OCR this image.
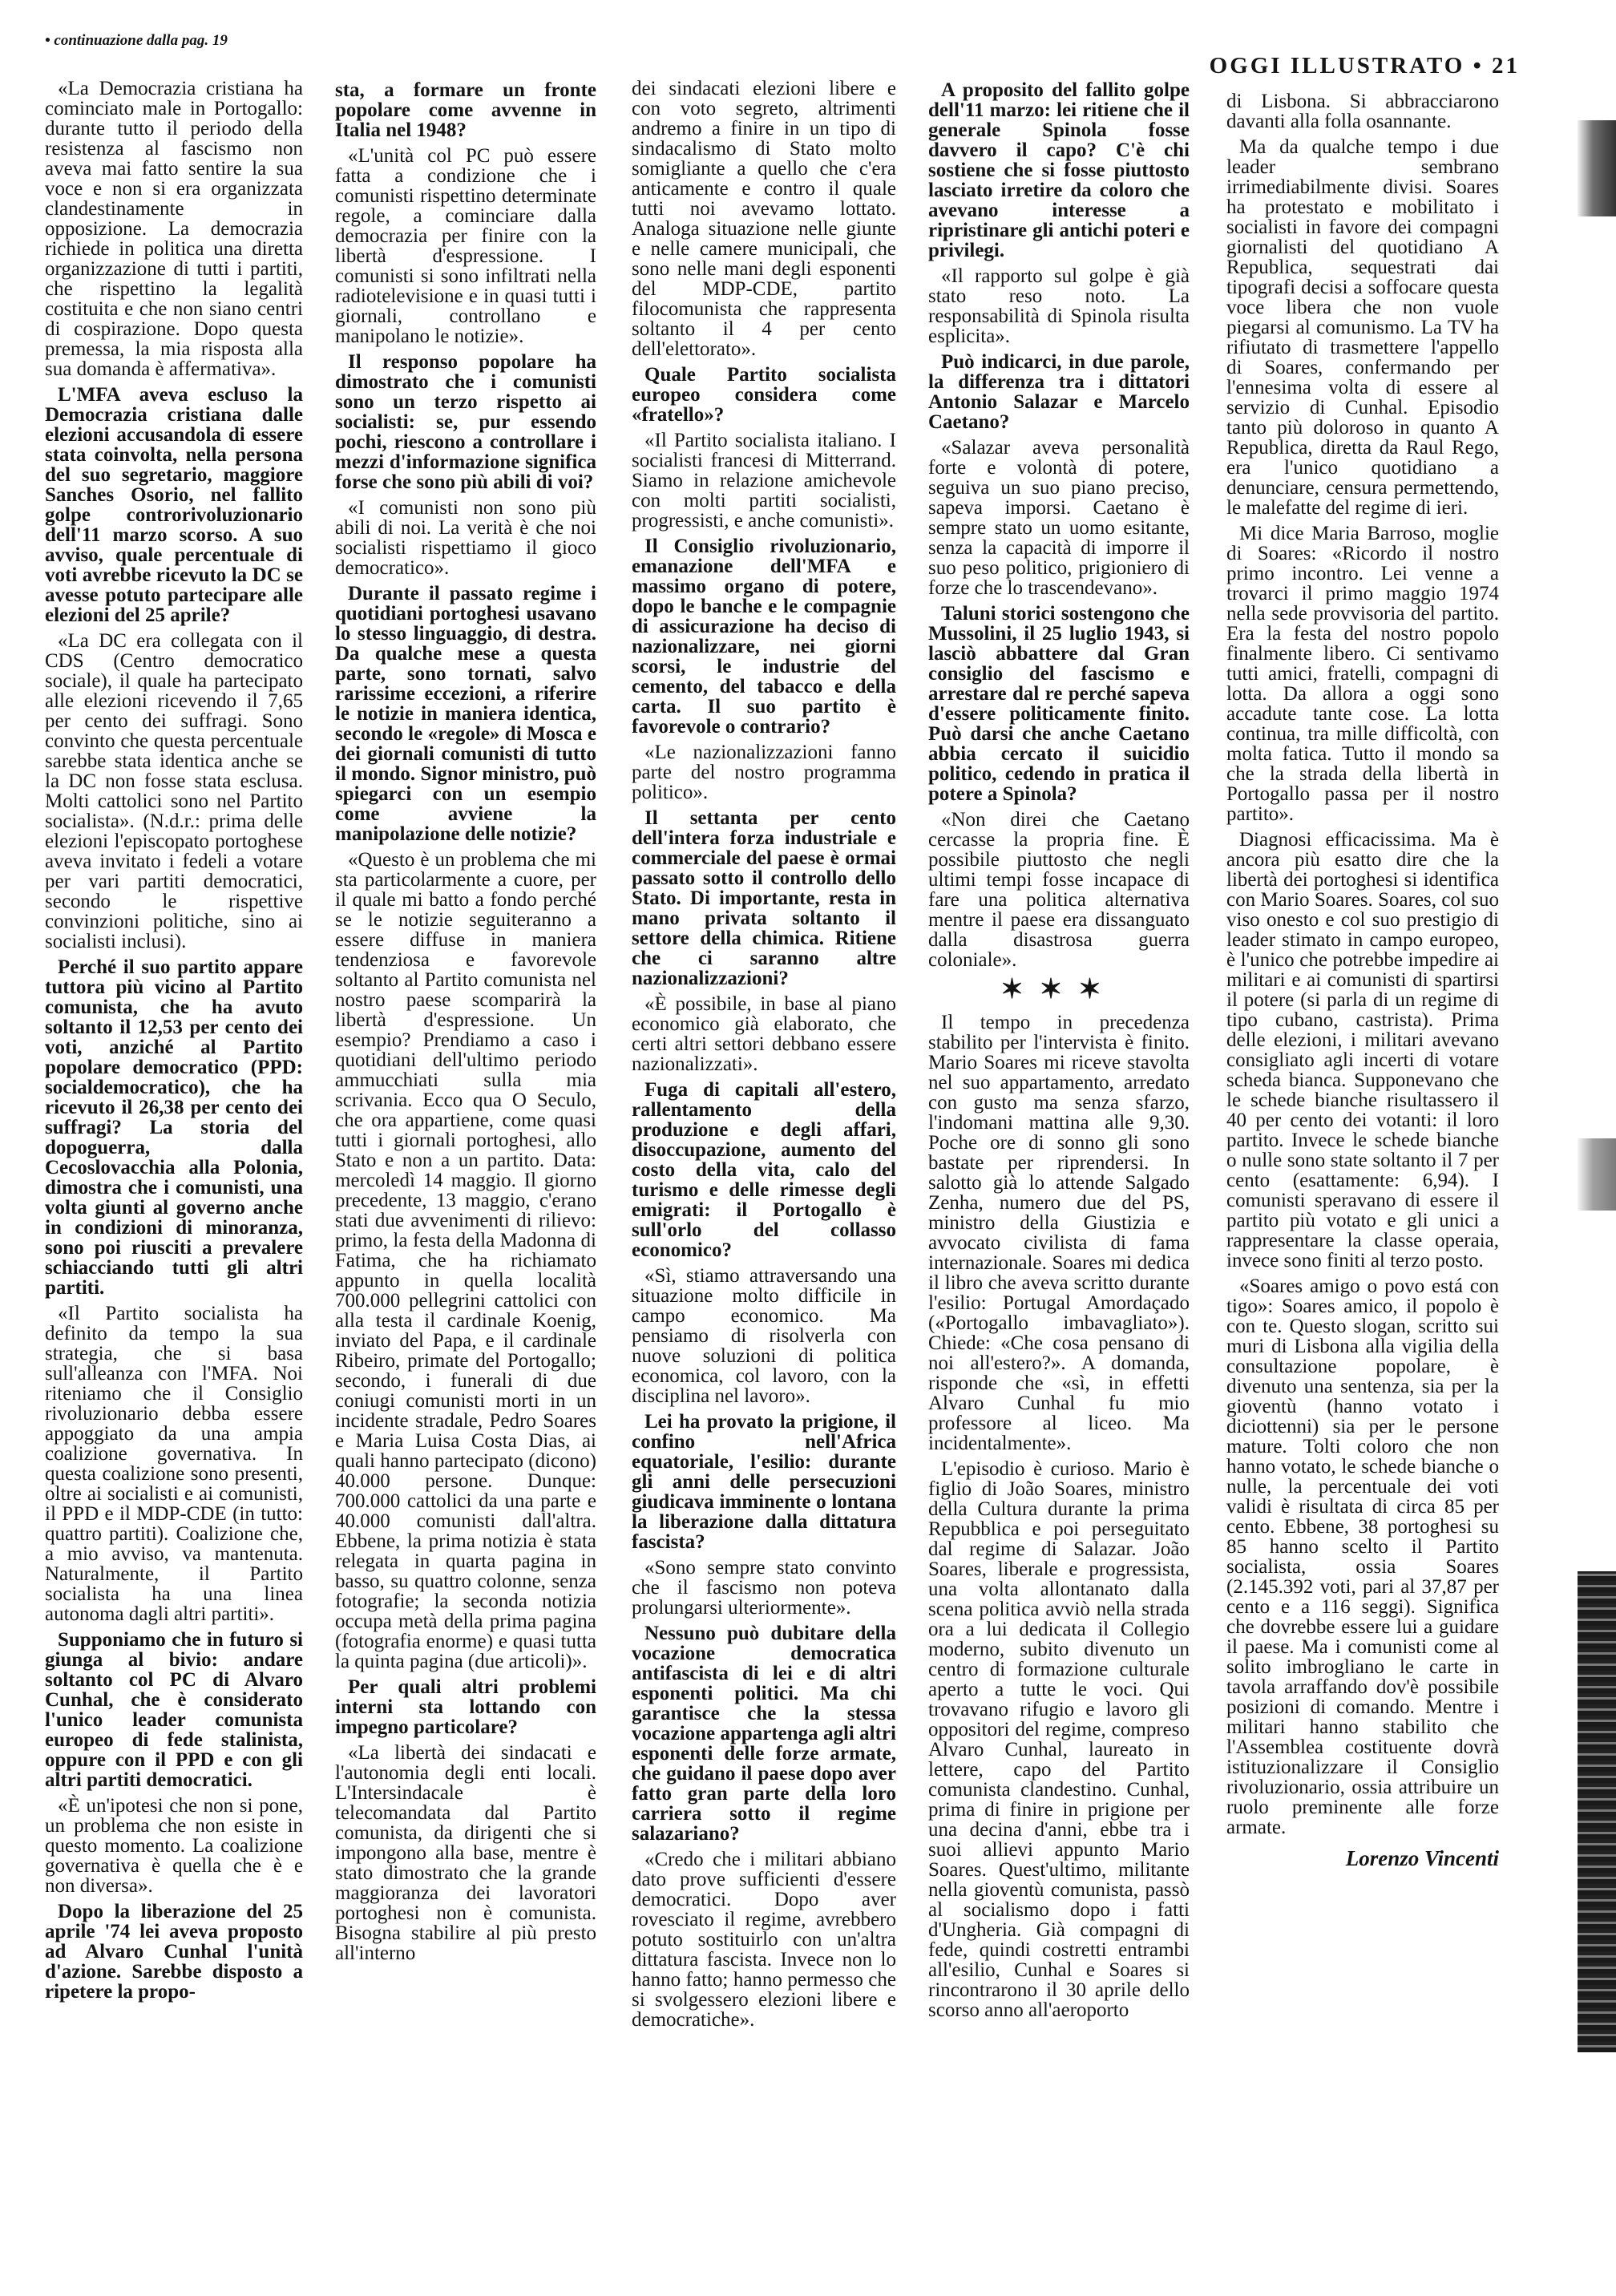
• continuazione dalla pag. 19
OGGI ILLUSTRATO • 21

«La Democrazia cristiana ha cominciato male in Portogallo: durante tutto il periodo della resistenza al fascismo non aveva mai fatto sentire la sua voce e non si era organizzata clandestinamente in opposizione. La democrazia richiede in politica una diretta organizzazione di tutti i partiti, che rispettino la legalità costituita e che non siano centri di cospirazione. Dopo questa premessa, la mia risposta alla sua domanda è affermativa».

L'MFA aveva escluso la Democrazia cristiana dalle elezioni accusandola di essere stata coinvolta, nella persona del suo segretario, maggiore Sanches Osorio, nel fallito golpe controrivoluzionario dell'11 marzo scorso. A suo avviso, quale percentuale di voti avrebbe ricevuto la DC se avesse potuto partecipare alle elezioni del 25 aprile?

«La DC era collegata con il CDS (Centro democratico sociale), il quale ha partecipato alle elezioni ricevendo il 7,65 per cento dei suffragi. Sono convinto che questa percentuale sarebbe stata identica anche se la DC non fosse stata esclusa. Molti cattolici sono nel Partito socialista». (N.d.r.: prima delle elezioni l'episcopato portoghese aveva invitato i fedeli a votare per vari partiti democratici, secondo le rispettive convinzioni politiche, sino ai socialisti inclusi).

Perché il suo partito appare tuttora più vicino al Partito comunista, che ha avuto soltanto il 12,53 per cento dei voti, anziché al Partito popolare democratico (PPD: socialdemocratico), che ha ricevuto il 26,38 per cento dei suffragi? La storia del dopoguerra, dalla Cecoslovacchia alla Polonia, dimostra che i comunisti, una volta giunti al governo anche in condizioni di minoranza, sono poi riusciti a prevalere schiacciando tutti gli altri partiti.

«Il Partito socialista ha definito da tempo la sua strategia, che si basa sull'alleanza con l'MFA. Noi riteniamo che il Consiglio rivoluzionario debba essere appoggiato da una ampia coalizione governativa. In questa coalizione sono presenti, oltre ai socialisti e ai comunisti, il PPD e il MDP-CDE (in tutto: quattro partiti). Coalizione che, a mio avviso, va mantenuta. Naturalmente, il Partito socialista ha una linea autonoma dagli altri partiti».

Supponiamo che in futuro si giunga al bivio: andare soltanto col PC di Alvaro Cunhal, che è considerato l'unico leader comunista europeo di fede stalinista, oppure con il PPD e con gli altri partiti democratici.

«È un'ipotesi che non si pone, un problema che non esiste in questo momento. La coalizione governativa è quella che è e non diversa».

Dopo la liberazione del 25 aprile '74 lei aveva proposto ad Alvaro Cunhal l'unità d'azione. Sarebbe disposto a ripetere la propo-

sta, a formare un fronte popolare come avvenne in Italia nel 1948?

«L'unità col PC può essere fatta a condizione che i comunisti rispettino determinate regole, a cominciare dalla democrazia per finire con la libertà d'espressione. I comunisti si sono infiltrati nella radiotelevisione e in quasi tutti i giornali, controllano e manipolano le notizie».

Il responso popolare ha dimostrato che i comunisti sono un terzo rispetto ai socialisti: se, pur essendo pochi, riescono a controllare i mezzi d'informazione significa forse che sono più abili di voi?

«I comunisti non sono più abili di noi. La verità è che noi socialisti rispettiamo il gioco democratico».

Durante il passato regime i quotidiani portoghesi usavano lo stesso linguaggio, di destra. Da qualche mese a questa parte, sono tornati, salvo rarissime eccezioni, a riferire le notizie in maniera identica, secondo le «regole» di Mosca e dei giornali comunisti di tutto il mondo. Signor ministro, può spiegarci con un esempio come avviene la manipolazione delle notizie?

«Questo è un problema che mi sta particolarmente a cuore, per il quale mi batto a fondo perché se le notizie seguiteranno a essere diffuse in maniera tendenziosa e favorevole soltanto al Partito comunista nel nostro paese scomparirà la libertà d'espressione. Un esempio? Prendiamo a caso i quotidiani dell'ultimo periodo ammucchiati sulla mia scrivania. Ecco qua O Seculo, che ora appartiene, come quasi tutti i giornali portoghesi, allo Stato e non a un partito. Data: mercoledì 14 maggio. Il giorno precedente, 13 maggio, c'erano stati due avvenimenti di rilievo: primo, la festa della Madonna di Fatima, che ha richiamato appunto in quella località 700.000 pellegrini cattolici con alla testa il cardinale Koenig, inviato del Papa, e il cardinale Ribeiro, primate del Portogallo; secondo, i funerali di due coniugi comunisti morti in un incidente stradale, Pedro Soares e Maria Luisa Costa Dias, ai quali hanno partecipato (dicono) 40.000 persone. Dunque: 700.000 cattolici da una parte e 40.000 comunisti dall'altra. Ebbene, la prima notizia è stata relegata in quarta pagina in basso, su quattro colonne, senza fotografie; la seconda notizia occupa metà della prima pagina (fotografia enorme) e quasi tutta la quinta pagina (due articoli)».

Per quali altri problemi interni sta lottando con impegno particolare?

«La libertà dei sindacati e l'autonomia degli enti locali. L'Intersindacale è telecomandata dal Partito comunista, da dirigenti che si impongono alla base, mentre è stato dimostrato che la grande maggioranza dei lavoratori portoghesi non è comunista. Bisogna stabilire al più presto all'interno

dei sindacati elezioni libere e con voto segreto, altrimenti andremo a finire in un tipo di sindacalismo di Stato molto somigliante a quello che c'era anticamente e contro il quale tutti noi avevamo lottato. Analoga situazione nelle giunte e nelle camere municipali, che sono nelle mani degli esponenti del MDP-CDE, partito filocomunista che rappresenta soltanto il 4 per cento dell'elettorato».

Quale Partito socialista europeo considera come «fratello»?

«Il Partito socialista italiano. I socialisti francesi di Mitterrand. Siamo in relazione amichevole con molti partiti socialisti, progressisti, e anche comunisti».

Il Consiglio rivoluzionario, emanazione dell'MFA e massimo organo di potere, dopo le banche e le compagnie di assicurazione ha deciso di nazionalizzare, nei giorni scorsi, le industrie del cemento, del tabacco e della carta. Il suo partito è favorevole o contrario?

«Le nazionalizzazioni fanno parte del nostro programma politico».

Il settanta per cento dell'intera forza industriale e commerciale del paese è ormai passato sotto il controllo dello Stato. Di importante, resta in mano privata soltanto il settore della chimica. Ritiene che ci saranno altre nazionalizzazioni?

«È possibile, in base al piano economico già elaborato, che certi altri settori debbano essere nazionalizzati».

Fuga di capitali all'estero, rallentamento della produzione e degli affari, disoccupazione, aumento del costo della vita, calo del turismo e delle rimesse degli emigrati: il Portogallo è sull'orlo del collasso economico?

«Sì, stiamo attraversando una situazione molto difficile in campo economico. Ma pensiamo di risolverla con nuove soluzioni di politica economica, col lavoro, con la disciplina nel lavoro».

Lei ha provato la prigione, il confino nell'Africa equatoriale, l'esilio: durante gli anni delle persecuzioni giudicava imminente o lontana la liberazione dalla dittatura fascista?

«Sono sempre stato convinto che il fascismo non poteva prolungarsi ulteriormente».

Nessuno può dubitare della vocazione democratica antifascista di lei e di altri esponenti politici. Ma chi garantisce che la stessa vocazione appartenga agli altri esponenti delle forze armate, che guidano il paese dopo aver fatto gran parte della loro carriera sotto il regime salazariano?

«Credo che i militari abbiano dato prove sufficienti d'essere democratici. Dopo aver rovesciato il regime, avrebbero potuto sostituirlo con un'altra dittatura fascista. Invece non lo hanno fatto; hanno permesso che si svolgessero elezioni libere e democratiche».

A proposito del fallito golpe dell'11 marzo: lei ritiene che il generale Spinola fosse davvero il capo? C'è chi sostiene che si fosse piuttosto lasciato irretire da coloro che avevano interesse a ripristinare gli antichi poteri e privilegi.

«Il rapporto sul golpe è già stato reso noto. La responsabilità di Spinola risulta esplicita».

Può indicarci, in due parole, la differenza tra i dittatori Antonio Salazar e Marcelo Caetano?

«Salazar aveva personalità forte e volontà di potere, seguiva un suo piano preciso, sapeva imporsi. Caetano è sempre stato un uomo esitante, senza la capacità di imporre il suo peso politico, prigioniero di forze che lo trascendevano».

Taluni storici sostengono che Mussolini, il 25 luglio 1943, si lasciò abbattere dal Gran consiglio del fascismo e arrestare dal re perché sapeva d'essere politicamente finito. Può darsi che anche Caetano abbia cercato il suicidio politico, cedendo in pratica il potere a Spinola?

«Non direi che Caetano cercasse la propria fine. È possibile piuttosto che negli ultimi tempi fosse incapace di fare una politica alternativa mentre il paese era dissanguato dalla disastrosa guerra coloniale».

✶✶✶

Il tempo in precedenza stabilito per l'intervista è finito. Mario Soares mi riceve stavolta nel suo appartamento, arredato con gusto ma senza sfarzo, l'indomani mattina alle 9,30. Poche ore di sonno gli sono bastate per riprendersi. In salotto già lo attende Salgado Zenha, numero due del PS, ministro della Giustizia e avvocato civilista di fama internazionale. Soares mi dedica il libro che aveva scritto durante l'esilio: Portugal Amordaçado («Portogallo imbavagliato»). Chiede: «Che cosa pensano di noi all'estero?». A domanda, risponde che «sì, in effetti Alvaro Cunhal fu mio professore al liceo. Ma incidentalmente».

L'episodio è curioso. Mario è figlio di João Soares, ministro della Cultura durante la prima Repubblica e poi perseguitato dal regime di Salazar. João Soares, liberale e progressista, una volta allontanato dalla scena politica avviò nella strada ora a lui dedicata il Collegio moderno, subito divenuto un centro di formazione culturale aperto a tutte le voci. Qui trovavano rifugio e lavoro gli oppositori del regime, compreso Alvaro Cunhal, laureato in lettere, capo del Partito comunista clandestino. Cunhal, prima di finire in prigione per una decina d'anni, ebbe tra i suoi allievi appunto Mario Soares. Quest'ultimo, militante nella gioventù comunista, passò al socialismo dopo i fatti d'Ungheria. Già compagni di fede, quindi costretti entrambi all'esilio, Cunhal e Soares si rincontrarono il 30 aprile dello scorso anno all'aeroporto

di Lisbona. Si abbracciarono davanti alla folla osannante.

Ma da qualche tempo i due leader sembrano irrimediabilmente divisi. Soares ha protestato e mobilitato i socialisti in favore dei compagni giornalisti del quotidiano A Republica, sequestrati dai tipografi decisi a soffocare questa voce libera che non vuole piegarsi al comunismo. La TV ha rifiutato di trasmettere l'appello di Soares, confermando per l'ennesima volta di essere al servizio di Cunhal. Episodio tanto più doloroso in quanto A Republica, diretta da Raul Rego, era l'unico quotidiano a denunciare, censura permettendo, le malefatte del regime di ieri.

Mi dice Maria Barroso, moglie di Soares: «Ricordo il nostro primo incontro. Lei venne a trovarci il primo maggio 1974 nella sede provvisoria del partito. Era la festa del nostro popolo finalmente libero. Ci sentivamo tutti amici, fratelli, compagni di lotta. Da allora a oggi sono accadute tante cose. La lotta continua, tra mille difficoltà, con molta fatica. Tutto il mondo sa che la strada della libertà in Portogallo passa per il nostro partito».

Diagnosi efficacissima. Ma è ancora più esatto dire che la libertà dei portoghesi si identifica con Mario Soares. Soares, col suo viso onesto e col suo prestigio di leader stimato in campo europeo, è l'unico che potrebbe impedire ai militari e ai comunisti di spartirsi il potere (si parla di un regime di tipo cubano, castrista). Prima delle elezioni, i militari avevano consigliato agli incerti di votare scheda bianca. Supponevano che le schede bianche risultassero il 40 per cento dei votanti: il loro partito. Invece le schede bianche o nulle sono state soltanto il 7 per cento (esattamente: 6,94). I comunisti speravano di essere il partito più votato e gli unici a rappresentare la classe operaia, invece sono finiti al terzo posto.

«Soares amigo o povo está con tigo»: Soares amico, il popolo è con te. Questo slogan, scritto sui muri di Lisbona alla vigilia della consultazione popolare, è divenuto una sentenza, sia per la gioventù (hanno votato i diciottenni) sia per le persone mature. Tolti coloro che non hanno votato, le schede bianche o nulle, la percentuale dei voti validi è risultata di circa 85 per cento. Ebbene, 38 portoghesi su 85 hanno scelto il Partito socialista, ossia Soares (2.145.392 voti, pari al 37,87 per cento e a 116 seggi). Significa che dovrebbe essere lui a guidare il paese. Ma i comunisti come al solito imbrogliano le carte in tavola arraffando dov'è possibile posizioni di comando. Mentre i militari hanno stabilito che l'Assemblea costituente dovrà istituzionalizzare il Consiglio rivoluzionario, ossia attribuire un ruolo preminente alle forze armate.

Lorenzo Vincenti
